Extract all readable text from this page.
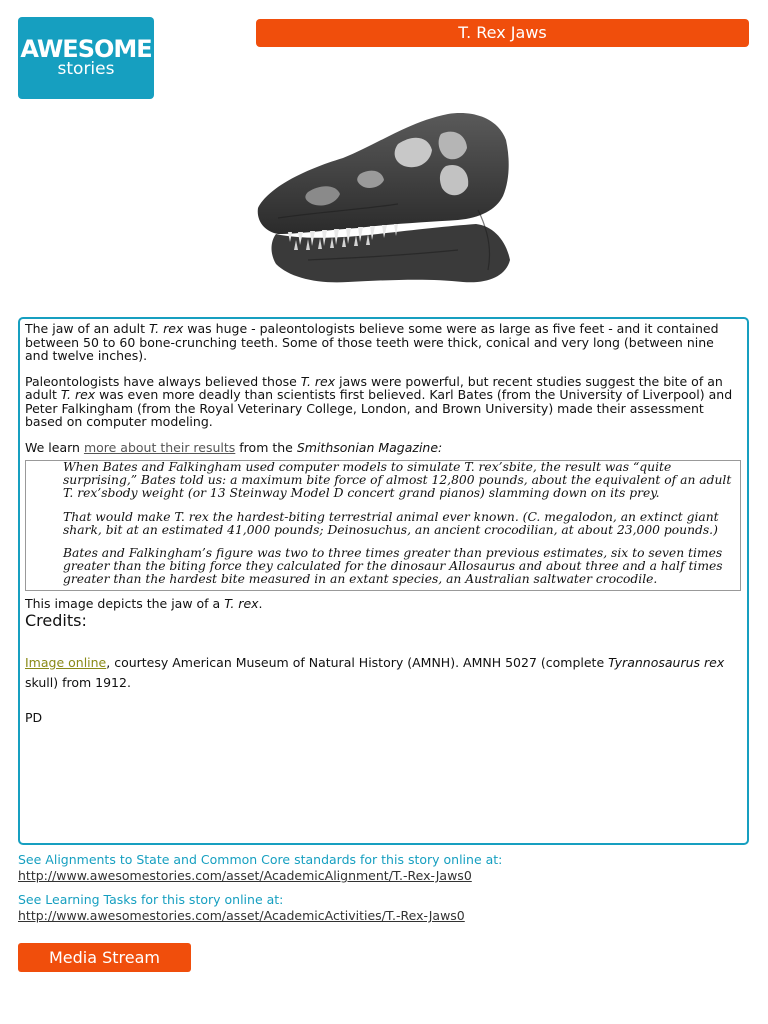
AWESOME
stories
T. Rex Jaws

The jaw of an adult T. rex was huge - paleontologists believe some were as large as five feet - and it contained between 50 to 60 bone-crunching teeth. Some of those teeth were thick, conical and very long (between nine and twelve inches).

Paleontologists have always believed those T. rex jaws were powerful, but recent studies suggest the bite of an adult T. rex was even more deadly than scientists first believed. Karl Bates (from the University of Liverpool) and Peter Falkingham (from the Royal Veterinary College, London, and Brown University) made their assessment based on computer modeling.

We learn more about their results from the Smithsonian Magazine:

When Bates and Falkingham used computer models to simulate T. rex’sbite, the result was “quite surprising,” Bates told us: a maximum bite force of almost 12,800 pounds, about the equivalent of an adult T. rex’sbody weight (or 13 Steinway Model D concert grand pianos) slamming down on its prey.

That would make T. rex the hardest-biting terrestrial animal ever known. (C. megalodon, an extinct giant shark, bit at an estimated 41,000 pounds; Deinosuchus, an ancient crocodilian, at about 23,000 pounds.)

Bates and Falkingham’s figure was two to three times greater than previous estimates, six to seven times greater than the biting force they calculated for the dinosaur Allosaurus and about three and a half times greater than the hardest bite measured in an extant species, an Australian saltwater crocodile.

This image depicts the jaw of a T. rex.

Credits:

Image online, courtesy American Museum of Natural History (AMNH). AMNH 5027 (complete Tyrannosaurus rex skull) from 1912.

PD

See Alignments to State and Common Core standards for this story online at:
http://www.awesomestories.com/asset/AcademicAlignment/T.-Rex-Jaws0
See Learning Tasks for this story online at:
http://www.awesomestories.com/asset/AcademicActivities/T.-Rex-Jaws0
Media Stream
